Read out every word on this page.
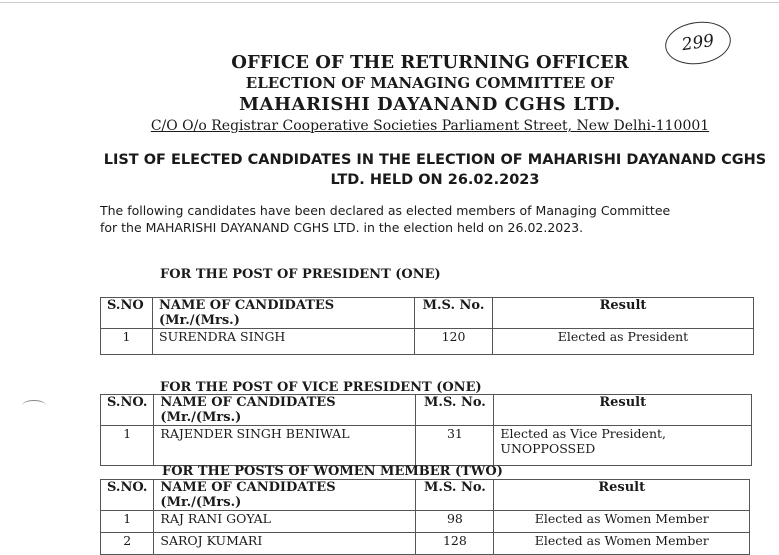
299
OFFICE OF THE RETURNING OFFICER
ELECTION OF MANAGING COMMITTEE OF
MAHARISHI DAYANAND CGHS LTD.
C/O O/o Registrar Cooperative Societies Parliament Street, New Delhi-110001
LIST OF ELECTED CANDIDATES IN THE ELECTION OF MAHARISHI DAYANAND CGHS LTD. HELD ON 26.02.2023
The following candidates have been declared as elected members of Managing Committee for the MAHARISHI DAYANAND CGHS LTD. in the election held on 26.02.2023.
FOR THE POST OF PRESIDENT (ONE)
S.NO	NAME OF CANDIDATES (Mr./(Mrs.)	M.S. No.	Result
1	SURENDRA SINGH	120	Elected as President
FOR THE POST OF VICE PRESIDENT (ONE)
S.NO.	NAME OF CANDIDATES (Mr./(Mrs.)	M.S. No.	Result
1	RAJENDER SINGH BENIWAL	31	Elected as Vice President, UNOPPOSSED
FOR THE POSTS OF WOMEN MEMBER (TWO)
S.NO.	NAME OF CANDIDATES (Mr./(Mrs.)	M.S. No.	Result
1	RAJ RANI GOYAL	98	Elected as Women Member
2	SAROJ KUMARI	128	Elected as Women Member
